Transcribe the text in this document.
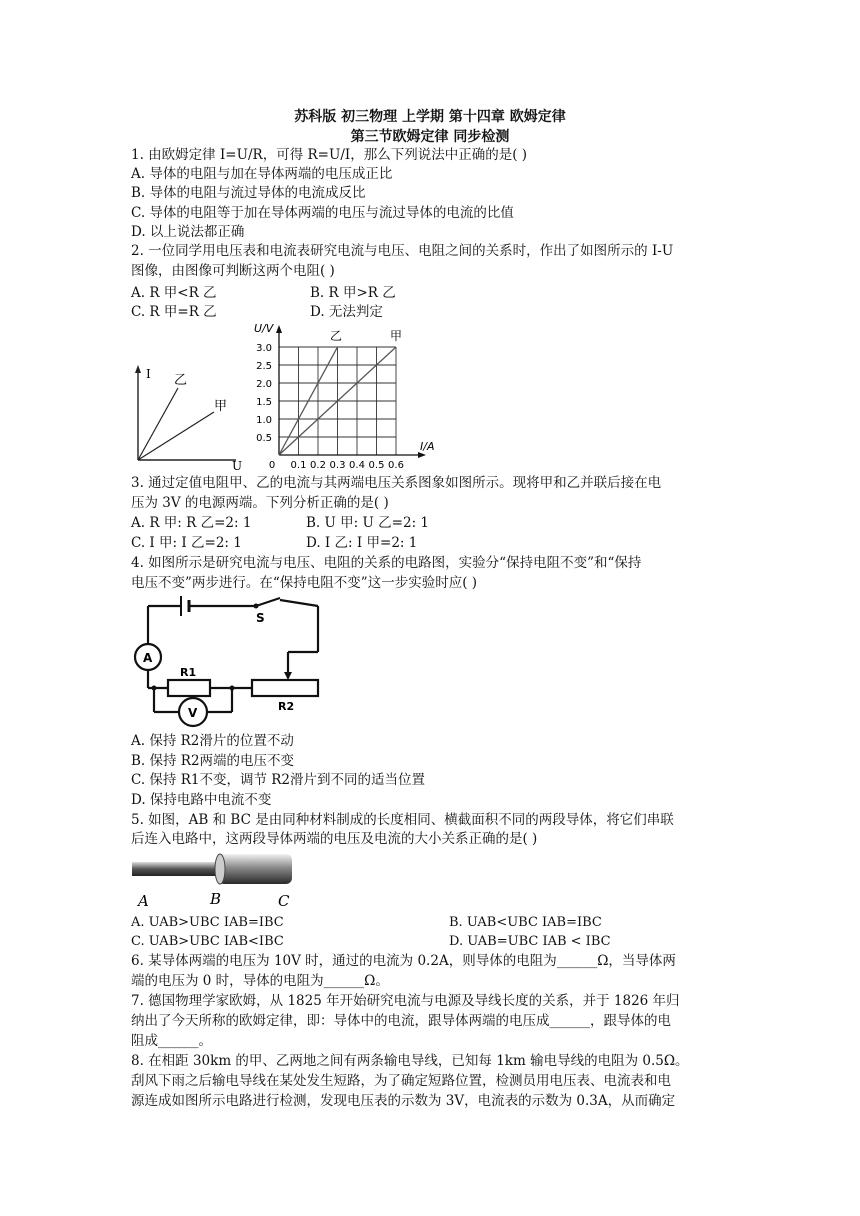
苏科版 初三物理 上学期 第十四章 欧姆定律
第三节欧姆定律 同步检测
1. 由欧姆定律 I=U/R，可得 R=U/I，那么下列说法中正确的是( )
A. 导体的电阻与加在导体两端的电压成正比
B. 导体的电阻与流过导体的电流成反比
C. 导体的电阻等于加在导体两端的电压与流过导体的电流的比值
D. 以上说法都正确
2. 一位同学用电压表和电流表研究电流与电压、电阻之间的关系时，作出了如图所示的 I-U
图像，由图像可判断这两个电阻( )
A. R 甲<R 乙	B. R 甲>R 乙
C. R 甲=R 乙	D. 无法判定
I
U
乙
甲
U/V
I/A
3.0
2.5
2.0
1.5
1.0
0.5
0 0.1 0.2 0.3 0.4 0.5 0.6
乙	甲
3. 通过定值电阻甲、乙的电流与其两端电压关系图象如图所示。现将甲和乙并联后接在电
压为 3V 的电源两端。下列分析正确的是( )
A. R 甲: R 乙=2: 1	B. U 甲: U 乙=2: 1
C. I 甲: I 乙=2: 1	D. I 乙: I 甲=2: 1
4. 如图所示是研究电流与电压、电阻的关系的电路图，实验分“保持电阻不变”和“保持
电压不变”两步进行。在“保持电阻不变”这一步实验时应( )
S
A
V
R1
R2
A. 保持 R2滑片的位置不动
B. 保持 R2两端的电压不变
C. 保持 R1不变，调节 R2滑片到不同的适当位置
D. 保持电路中电流不变
5. 如图，AB 和 BC 是由同种材料制成的长度相同、横截面积不同的两段导体，将它们串联
后连入电路中，这两段导体两端的电压及电流的大小关系正确的是( )
A	B	C
A. UAB>UBC IAB=IBC	B. UAB<UBC IAB=IBC
C. UAB>UBC IAB<IBC	D. UAB=UBC IAB < IBC
6. 某导体两端的电压为 10V 时，通过的电流为 0.2A，则导体的电阻为______Ω，当导体两
端的电压为 0 时，导体的电阻为______Ω。
7. 德国物理学家欧姆，从 1825 年开始研究电流与电源及导线长度的关系，并于 1826 年归
纳出了今天所称的欧姆定律，即：导体中的电流，跟导体两端的电压成______，跟导体的电
阻成______。
8. 在相距 30km 的甲、乙两地之间有两条输电导线，已知每 1km 输电导线的电阻为 0.5Ω。
刮风下雨之后输电导线在某处发生短路，为了确定短路位置，检测员用电压表、电流表和电
源连成如图所示电路进行检测，发现电压表的示数为 3V，电流表的示数为 0.3A，从而确定
